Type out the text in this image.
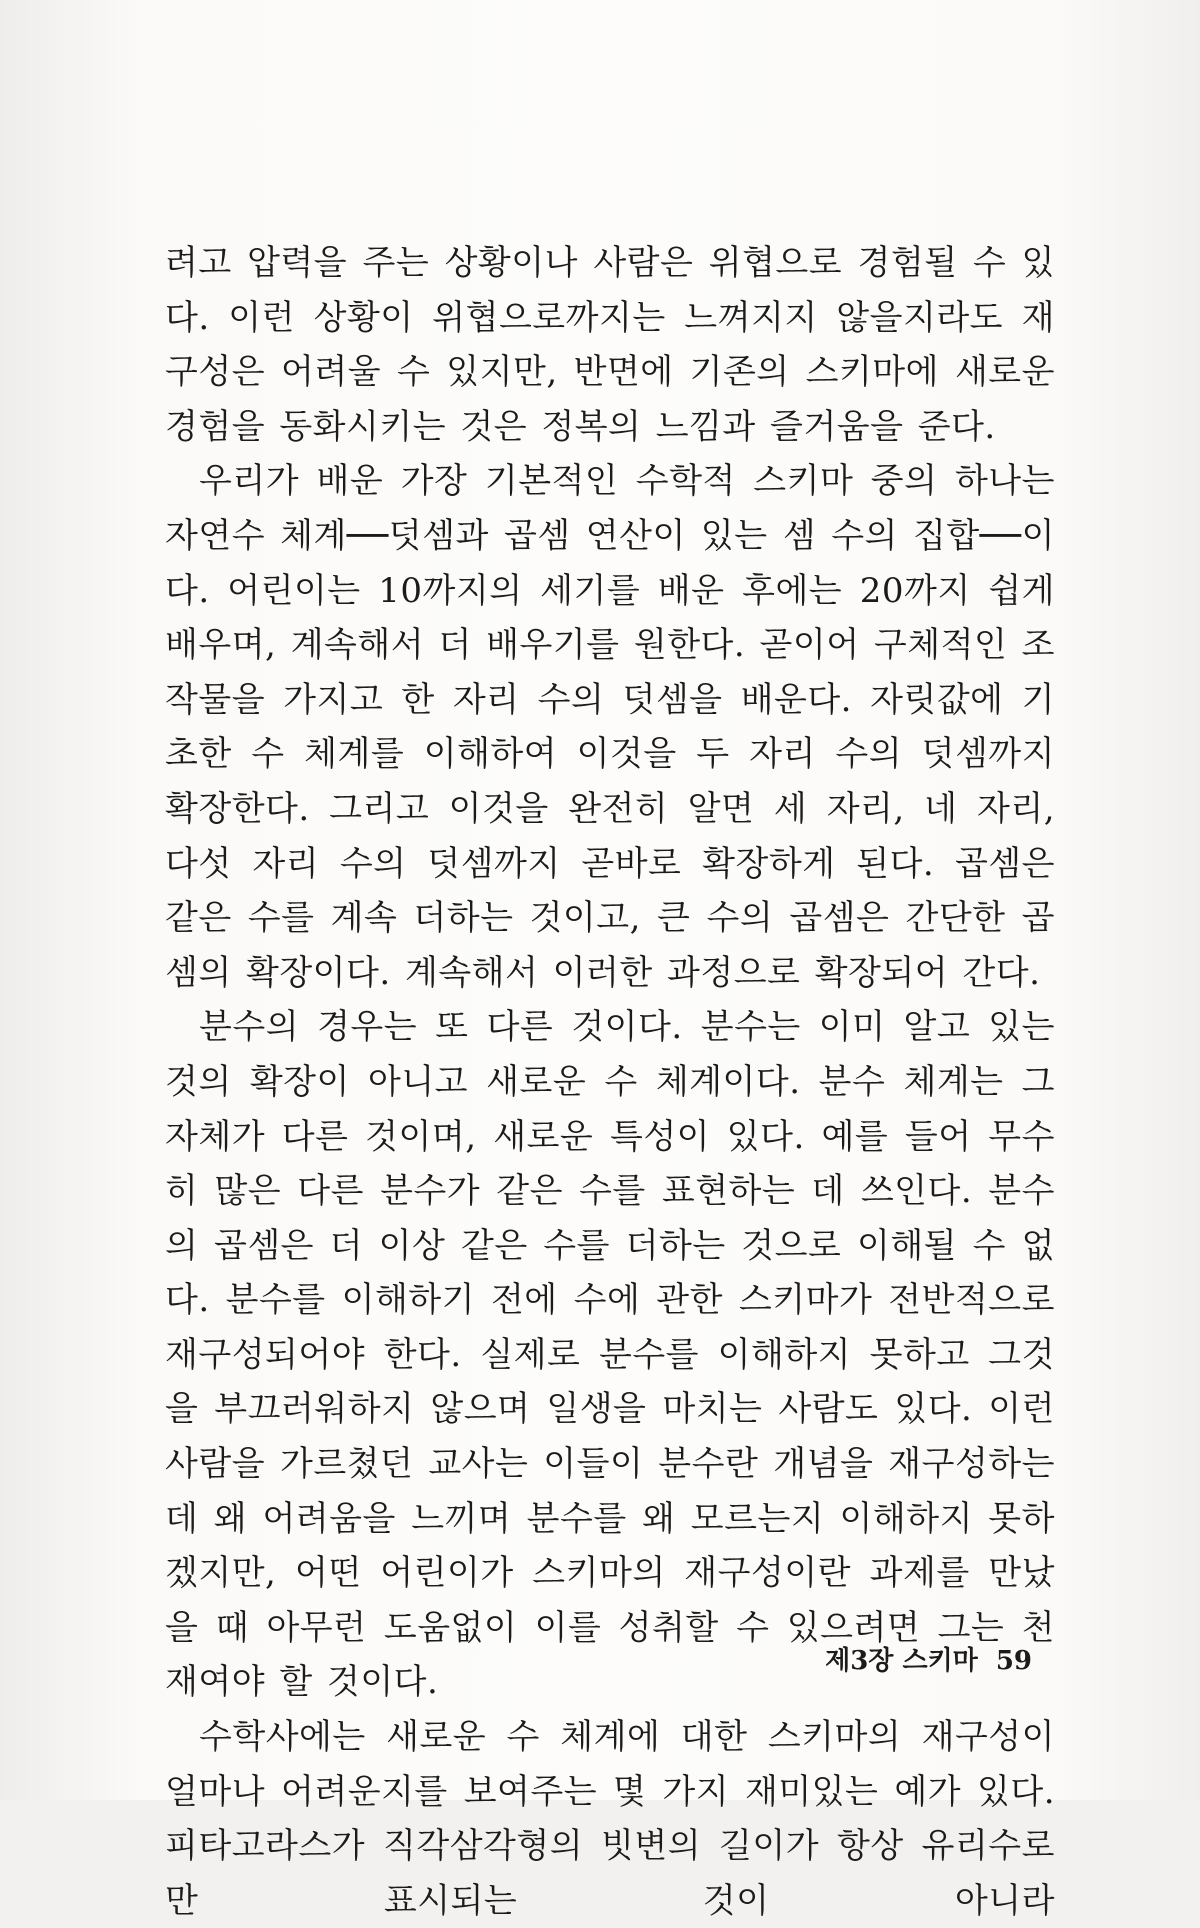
려고 압력을 주는 상황이나 사람은 위협으로 경험될 수 있다. 이런 상황이 위협으로까지는 느껴지지 않을지라도 재구성은 어려울 수 있지만, 반면에 기존의 스키마에 새로운 경험을 동화시키는 것은 정복의 느낌과 즐거움을 준다.

우리가 배운 가장 기본적인 수학적 스키마 중의 하나는 자연수 체계──덧셈과 곱셈 연산이 있는 셈 수의 집합──이다. 어린이는 10까지의 세기를 배운 후에는 20까지 쉽게 배우며, 계속해서 더 배우기를 원한다. 곧이어 구체적인 조작물을 가지고 한 자리 수의 덧셈을 배운다. 자릿값에 기초한 수 체계를 이해하여 이것을 두 자리 수의 덧셈까지 확장한다. 그리고 이것을 완전히 알면 세 자리, 네 자리, 다섯 자리 수의 덧셈까지 곧바로 확장하게 된다. 곱셈은 같은 수를 계속 더하는 것이고, 큰 수의 곱셈은 간단한 곱셈의 확장이다. 계속해서 이러한 과정으로 확장되어 간다.

분수의 경우는 또 다른 것이다. 분수는 이미 알고 있는 것의 확장이 아니고 새로운 수 체계이다. 분수 체계는 그 자체가 다른 것이며, 새로운 특성이 있다. 예를 들어 무수히 많은 다른 분수가 같은 수를 표현하는 데 쓰인다. 분수의 곱셈은 더 이상 같은 수를 더하는 것으로 이해될 수 없다. 분수를 이해하기 전에 수에 관한 스키마가 전반적으로 재구성되어야 한다. 실제로 분수를 이해하지 못하고 그것을 부끄러워하지 않으며 일생을 마치는 사람도 있다. 이런 사람을 가르쳤던 교사는 이들이 분수란 개념을 재구성하는 데 왜 어려움을 느끼며 분수를 왜 모르는지 이해하지 못하겠지만, 어떤 어린이가 스키마의 재구성이란 과제를 만났을 때 아무런 도움없이 이를 성취할 수 있으려면 그는 천재여야 할 것이다.

수학사에는 새로운 수 체계에 대한 스키마의 재구성이 얼마나 어려운지를 보여주는 몇 가지 재미있는 예가 있다. 피타고라스가 직각삼각형의 빗변의 길이가 항상 유리수로만 표시되는 것이 아니라

제3장 스키마 59
